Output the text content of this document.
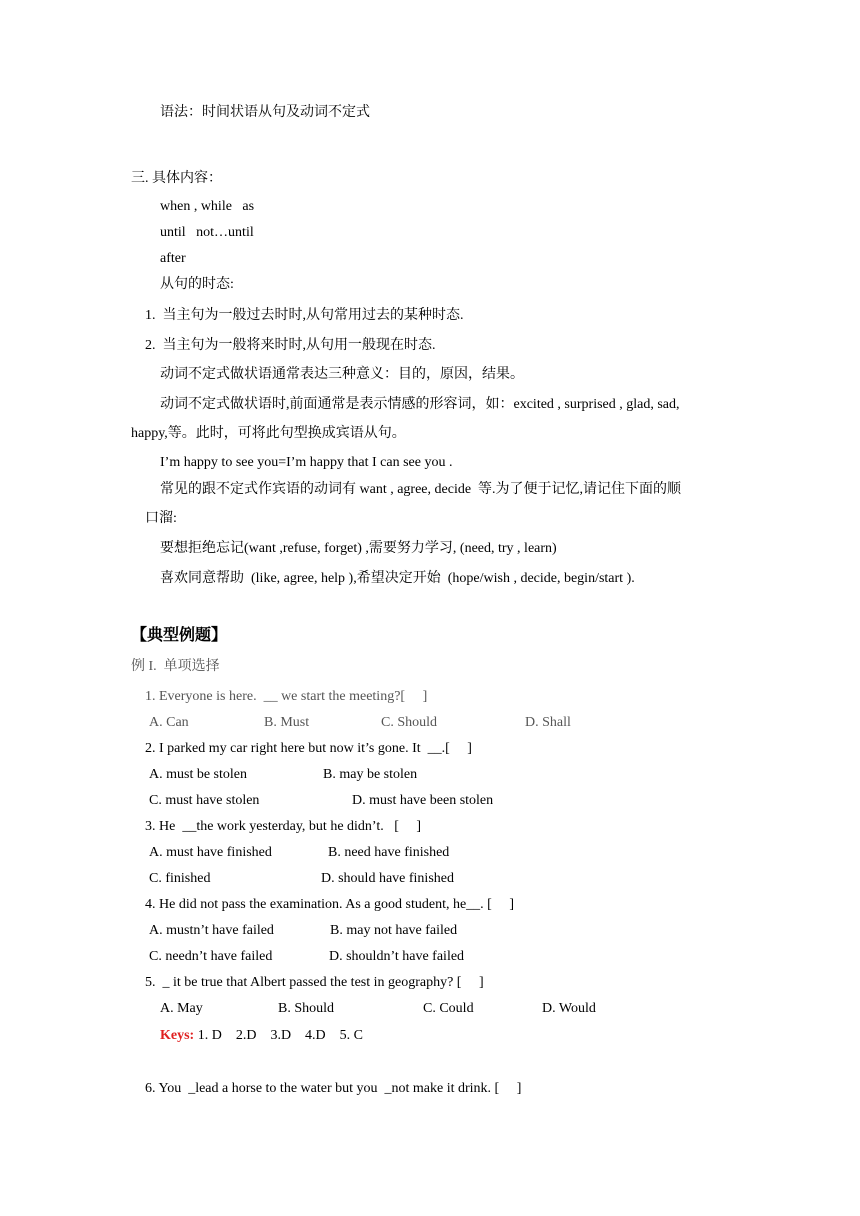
语法：时间状语从句及动词不定式
三. 具体内容：
when , while   as
until   not…until
after
从句的时态:
1.  当主句为一般过去时时,从句常用过去的某种时态.
2.  当主句为一般将来时时,从句用一般现在时态.
动词不定式做状语通常表达三种意义：目的，原因，结果。
动词不定式做状语时,前面通常是表示情感的形容词，如：excited , surprised , glad, sad,
happy,等。此时，可将此句型换成宾语从句。
I’m happy to see you=I’m happy that I can see you .
常见的跟不定式作宾语的动词有 want , agree, decide  等.为了便于记忆,请记住下面的顺
口溜:
要想拒绝忘记(want ,refuse, forget) ,需要努力学习, (need, try , learn)
喜欢同意帮助  (like, agree, help ),希望决定开始  (hope/wish , decide, begin/start ).
【典型例题】
例 I.  单项选择
1. Everyone is here.  __ we start the meeting?[     ]
A. Can	B. Must	C. Should	D. Shall
2. I parked my car right here but now it’s gone. It  __.[     ]
A. must be stolen	B. may be stolen
C. must have stolen	D. must have been stolen
3. He  __the work yesterday, but he didn’t.   [     ]
A. must have finished	B. need have finished
C. finished	D. should have finished
4. He did not pass the examination. As a good student, he__. [     ]
A. mustn’t have failed	B. may not have failed
C. needn’t have failed	D. shouldn’t have failed
5.  _ it be true that Albert passed the test in geography? [     ]
A. May	B. Should	C. Could	D. Would
Keys: 1. D    2.D    3.D    4.D    5. C
6. You  _lead a horse to the water but you  _not make it drink. [     ]
